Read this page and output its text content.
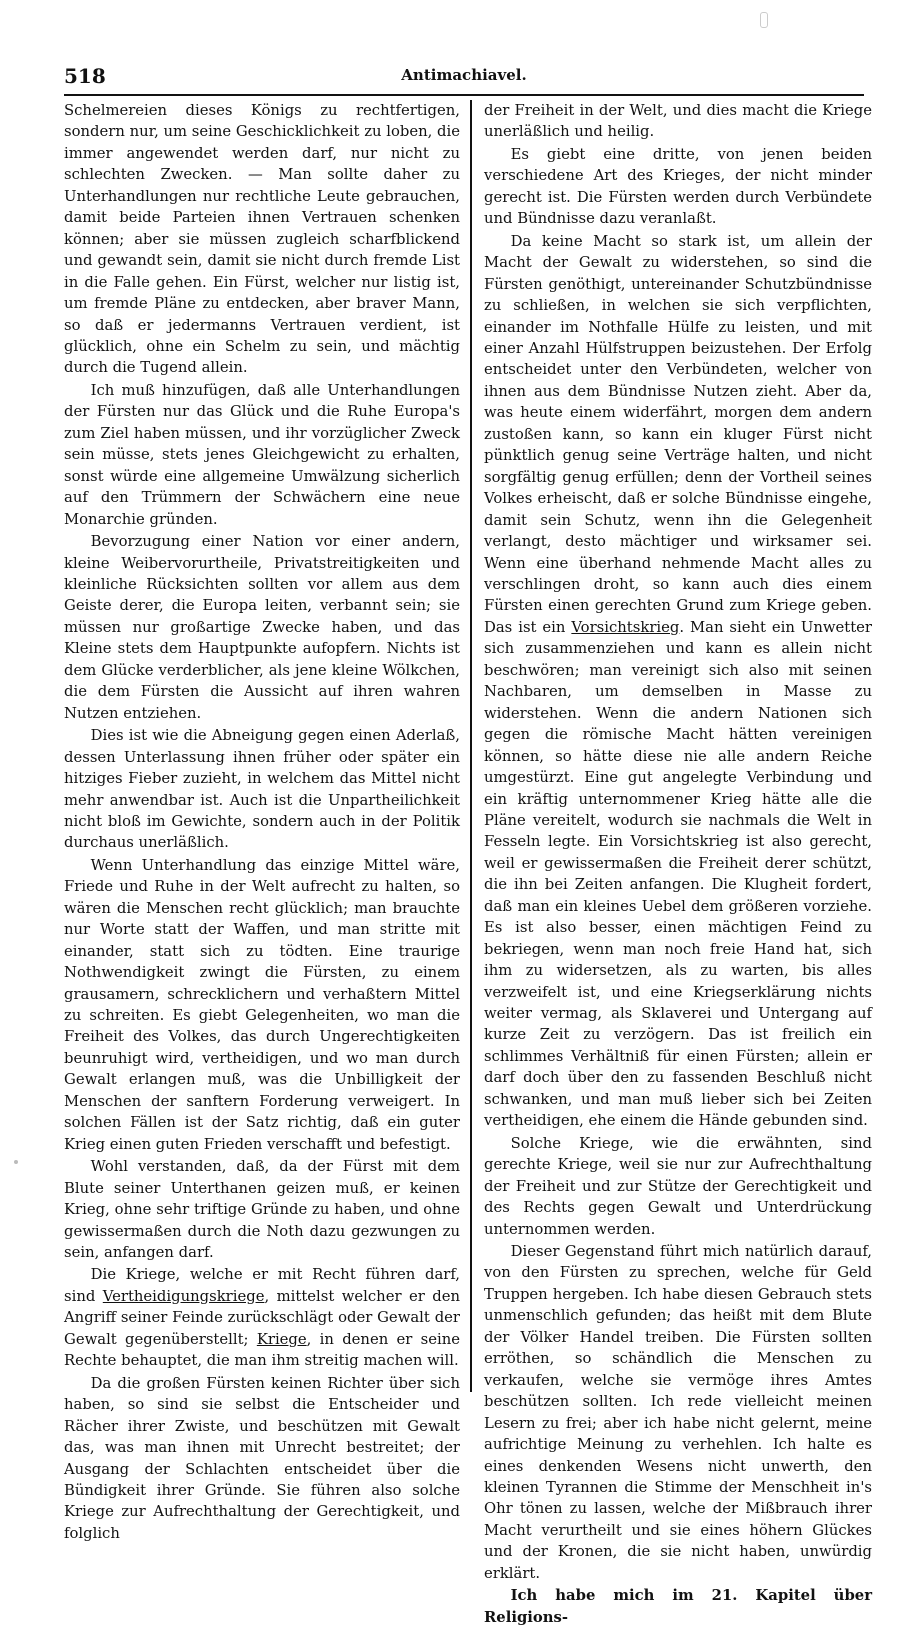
518	Antimachiavel.

Schelmereien dieses Königs zu rechtfertigen, sondern nur, um seine Geschicklichkeit zu loben, die immer angewendet werden darf, nur nicht zu schlechten Zwecken. — Man sollte daher zu Unterhandlungen nur rechtliche Leute gebrauchen, damit beide Parteien ihnen Vertrauen schenken können; aber sie müssen zugleich scharfblickend und gewandt sein, damit sie nicht durch fremde List in die Falle gehen. Ein Fürst, welcher nur listig ist, um fremde Pläne zu entdecken, aber braver Mann, so daß er jedermanns Vertrauen verdient, ist glücklich, ohne ein Schelm zu sein, und mächtig durch die Tugend allein.

Ich muß hinzufügen, daß alle Unterhandlungen der Fürsten nur das Glück und die Ruhe Europa's zum Ziel haben müssen, und ihr vorzüglicher Zweck sein müsse, stets jenes Gleichgewicht zu erhalten, sonst würde eine allgemeine Umwälzung sicherlich auf den Trümmern der Schwächern eine neue Monarchie gründen.

Bevorzugung einer Nation vor einer andern, kleine Weibervorurtheile, Privatstreitigkeiten und kleinliche Rücksichten sollten vor allem aus dem Geiste derer, die Europa leiten, verbannt sein; sie müssen nur großartige Zwecke haben, und das Kleine stets dem Hauptpunkte aufopfern. Nichts ist dem Glücke verderblicher, als jene kleine Wölkchen, die dem Fürsten die Aussicht auf ihren wahren Nutzen entziehen.

Dies ist wie die Abneigung gegen einen Aderlaß, dessen Unterlassung ihnen früher oder später ein hitziges Fieber zuzieht, in welchem das Mittel nicht mehr anwendbar ist. Auch ist die Unpartheilichkeit nicht bloß im Gewichte, sondern auch in der Politik durchaus unerläßlich.

Wenn Unterhandlung das einzige Mittel wäre, Friede und Ruhe in der Welt aufrecht zu halten, so wären die Menschen recht glücklich; man brauchte nur Worte statt der Waffen, und man stritte mit einander, statt sich zu tödten. Eine traurige Nothwendigkeit zwingt die Fürsten, zu einem grausamern, schrecklichern und verhaßtern Mittel zu schreiten. Es giebt Gelegenheiten, wo man die Freiheit des Volkes, das durch Ungerechtigkeiten beunruhigt wird, vertheidigen, und wo man durch Gewalt erlangen muß, was die Unbilligkeit der Menschen der sanftern Forderung verweigert. In solchen Fällen ist der Satz richtig, daß ein guter Krieg einen guten Frieden verschafft und befestigt.

Wohl verstanden, daß, da der Fürst mit dem Blute seiner Unterthanen geizen muß, er keinen Krieg, ohne sehr triftige Gründe zu haben, und ohne gewissermaßen durch die Noth dazu gezwungen zu sein, anfangen darf.

Die Kriege, welche er mit Recht führen darf, sind Vertheidigungskriege, mittelst welcher er den Angriff seiner Feinde zurückschlägt oder Gewalt der Gewalt gegenüberstellt; Kriege, in denen er seine Rechte behauptet, die man ihm streitig machen will.

Da die großen Fürsten keinen Richter über sich haben, so sind sie selbst die Entscheider und Rächer ihrer Zwiste, und beschützen mit Gewalt das, was man ihnen mit Unrecht bestreitet; der Ausgang der Schlachten entscheidet über die Bündigkeit ihrer Gründe. Sie führen also solche Kriege zur Aufrechthaltung der Gerechtigkeit, und folglich

der Freiheit in der Welt, und dies macht die Kriege unerläßlich und heilig.

Es giebt eine dritte, von jenen beiden verschiedene Art des Krieges, der nicht minder gerecht ist. Die Fürsten werden durch Verbündete und Bündnisse dazu veranlaßt.

Da keine Macht so stark ist, um allein der Macht der Gewalt zu widerstehen, so sind die Fürsten genöthigt, untereinander Schutzbündnisse zu schließen, in welchen sie sich verpflichten, einander im Nothfalle Hülfe zu leisten, und mit einer Anzahl Hülfstruppen beizustehen. Der Erfolg entscheidet unter den Verbündeten, welcher von ihnen aus dem Bündnisse Nutzen zieht. Aber da, was heute einem widerfährt, morgen dem andern zustoßen kann, so kann ein kluger Fürst nicht pünktlich genug seine Verträge halten, und nicht sorgfältig genug erfüllen; denn der Vortheil seines Volkes erheischt, daß er solche Bündnisse eingehe, damit sein Schutz, wenn ihn die Gelegenheit verlangt, desto mächtiger und wirksamer sei. Wenn eine überhand nehmende Macht alles zu verschlingen droht, so kann auch dies einem Fürsten einen gerechten Grund zum Kriege geben. Das ist ein Vorsichtskrieg. Man sieht ein Unwetter sich zusammenziehen und kann es allein nicht beschwören; man vereinigt sich also mit seinen Nachbaren, um demselben in Masse zu widerstehen. Wenn die andern Nationen sich gegen die römische Macht hätten vereinigen können, so hätte diese nie alle andern Reiche umgestürzt. Eine gut angelegte Verbindung und ein kräftig unternommener Krieg hätte alle die Pläne vereitelt, wodurch sie nachmals die Welt in Fesseln legte. Ein Vorsichtskrieg ist also gerecht, weil er gewissermaßen die Freiheit derer schützt, die ihn bei Zeiten anfangen. Die Klugheit fordert, daß man ein kleines Uebel dem größeren vorziehe. Es ist also besser, einen mächtigen Feind zu bekriegen, wenn man noch freie Hand hat, sich ihm zu widersetzen, als zu warten, bis alles verzweifelt ist, und eine Kriegserklärung nichts weiter vermag, als Sklaverei und Untergang auf kurze Zeit zu verzögern. Das ist freilich ein schlimmes Verhältniß für einen Fürsten; allein er darf doch über den zu fassenden Beschluß nicht schwanken, und man muß lieber sich bei Zeiten vertheidigen, ehe einem die Hände gebunden sind.

Solche Kriege, wie die erwähnten, sind gerechte Kriege, weil sie nur zur Aufrechthaltung der Freiheit und zur Stütze der Gerechtigkeit und des Rechts gegen Gewalt und Unterdrückung unternommen werden.

Dieser Gegenstand führt mich natürlich darauf, von den Fürsten zu sprechen, welche für Geld Truppen hergeben. Ich habe diesen Gebrauch stets unmenschlich gefunden; das heißt mit dem Blute der Völker Handel treiben. Die Fürsten sollten erröthen, so schändlich die Menschen zu verkaufen, welche sie vermöge ihres Amtes beschützen sollten. Ich rede vielleicht meinen Lesern zu frei; aber ich habe nicht gelernt, meine aufrichtige Meinung zu verhehlen. Ich halte es eines denkenden Wesens nicht unwerth, den kleinen Tyrannen die Stimme der Menschheit in's Ohr tönen zu lassen, welche der Mißbrauch ihrer Macht verurtheilt und sie eines höhern Glückes und der Kronen, die sie nicht haben, unwürdig erklärt.

Ich habe mich im 21. Kapitel über Religions-
